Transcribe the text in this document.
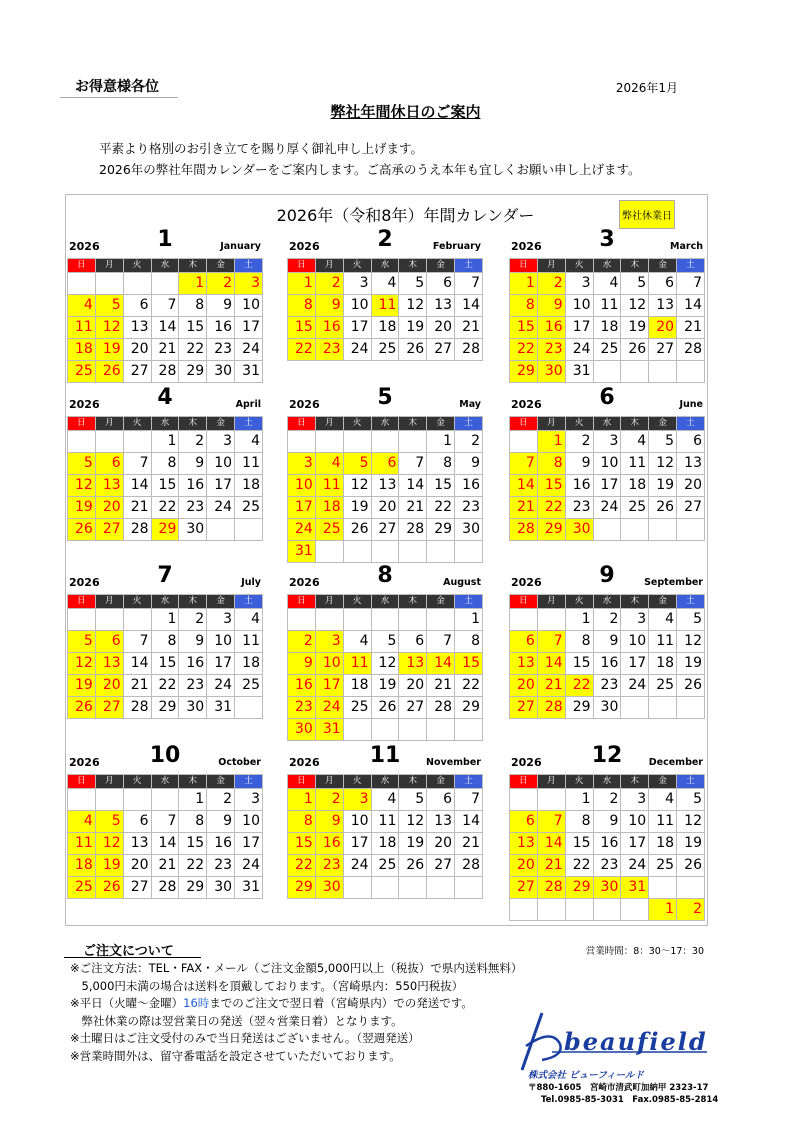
お得意様各位	2026年1月
弊社年間休日のご案内
平素より格別のお引き立てを賜り厚く御礼申し上げます。
2026年の弊社年間カレンダーをご案内します。ご高承のうえ本年も宜しくお願い申し上げます。
2026年（令和8年）年間カレンダー	弊社休業日
2026	1	January
日	月	火	水	木	金	土
				1	2	3
4	5	6	7	8	9	10
11	12	13	14	15	16	17
18	19	20	21	22	23	24
25	26	27	28	29	30	31
2026	2	February
日	月	火	水	木	金	土
1	2	3	4	5	6	7
8	9	10	11	12	13	14
15	16	17	18	19	20	21
22	23	24	25	26	27	28
2026	3	March
日	月	火	水	木	金	土
1	2	3	4	5	6	7
8	9	10	11	12	13	14
15	16	17	18	19	20	21
22	23	24	25	26	27	28
29	30	31				
2026	4	April
日	月	火	水	木	金	土
			1	2	3	4
5	6	7	8	9	10	11
12	13	14	15	16	17	18
19	20	21	22	23	24	25
26	27	28	29	30		
2026	5	May
日	月	火	水	木	金	土
					1	2
3	4	5	6	7	8	9
10	11	12	13	14	15	16
17	18	19	20	21	22	23
24	25	26	27	28	29	30
31						
2026	6	June
日	月	火	水	木	金	土
	1	2	3	4	5	6
7	8	9	10	11	12	13
14	15	16	17	18	19	20
21	22	23	24	25	26	27
28	29	30				
2026	7	July
日	月	火	水	木	金	土
			1	2	3	4
5	6	7	8	9	10	11
12	13	14	15	16	17	18
19	20	21	22	23	24	25
26	27	28	29	30	31	
2026	8	August
日	月	火	水	木	金	土
						1
2	3	4	5	6	7	8
9	10	11	12	13	14	15
16	17	18	19	20	21	22
23	24	25	26	27	28	29
30	31					
2026	9	September
日	月	火	水	木	金	土
		1	2	3	4	5
6	7	8	9	10	11	12
13	14	15	16	17	18	19
20	21	22	23	24	25	26
27	28	29	30			
2026	10	October
日	月	火	水	木	金	土
				1	2	3
4	5	6	7	8	9	10
11	12	13	14	15	16	17
18	19	20	21	22	23	24
25	26	27	28	29	30	31
2026	11	November
日	月	火	水	木	金	土
1	2	3	4	5	6	7
8	9	10	11	12	13	14
15	16	17	18	19	20	21
22	23	24	25	26	27	28
29	30					
2026	12	December
日	月	火	水	木	金	土
		1	2	3	4	5
6	7	8	9	10	11	12
13	14	15	16	17	18	19
20	21	22	23	24	25	26
27	28	29	30	31		
					1	2
ご注文について	営業時間：8：30～17：30
※ご注文方法：TEL・FAX・メール（ご注文金額5,000円以上（税抜）で県内送料無料）
　5,000円未満の場合は送料を頂戴しております。（宮崎県内：550円税抜）
※平日（火曜～金曜）16時までのご注文で翌日着（宮崎県内）での発送です。
　弊社休業の際は翌営業日の発送（翌々営業日着）となります。
※土曜日はご注文受付のみで当日発送はございません。（翌週発送）
※営業時間外は、留守番電話を設定させていただいております。	beaufield
株式会社 ビューフィールド
〒880-1605　宮崎市清武町加納甲 2323-17
Tel.0985-85-3031　Fax.0985-85-2814
